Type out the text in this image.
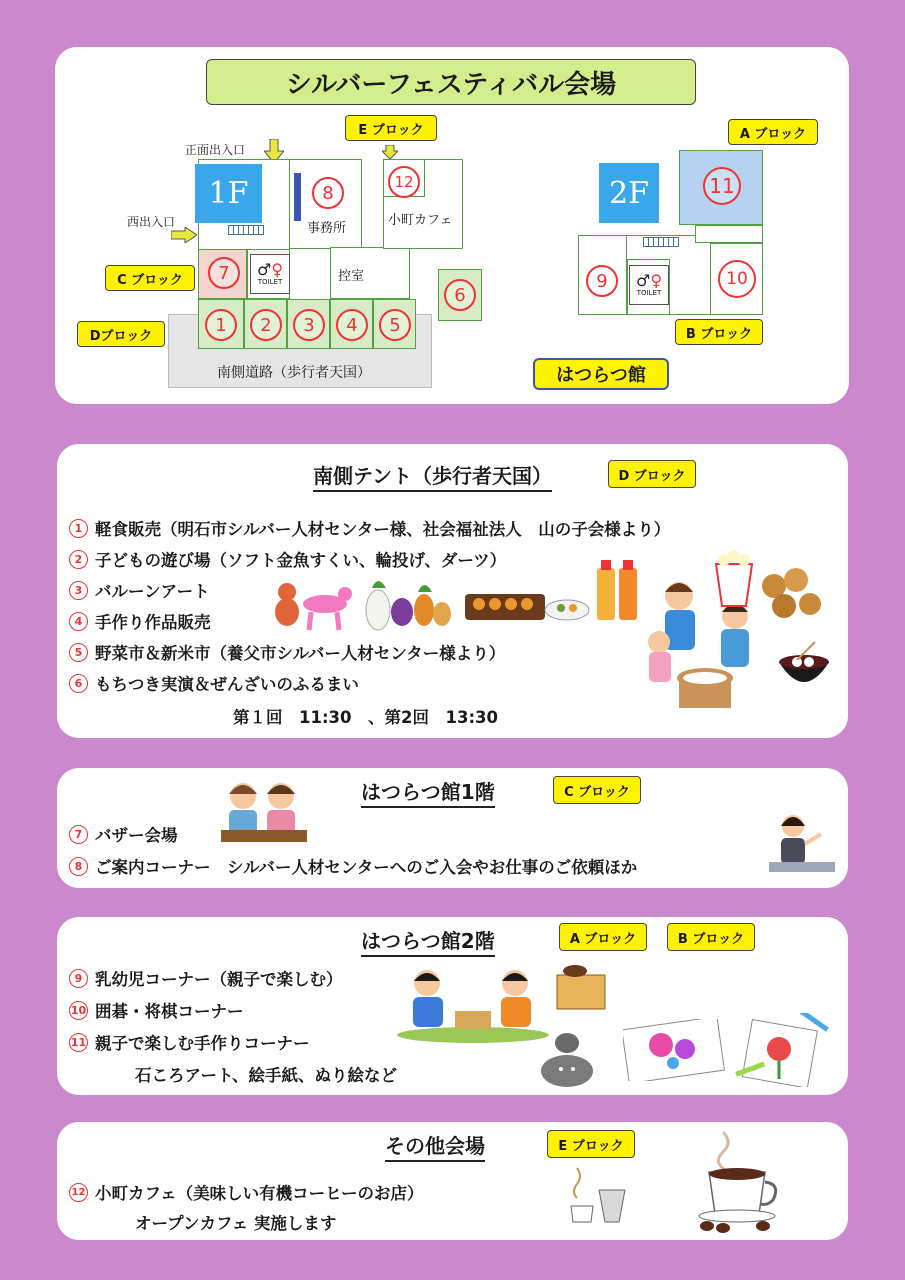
シルバーフェスティバル会場
E ブロック	A ブロック
C ブロック
Dブロック	B ブロック
正面出入口
西出入口
1F	8
事務所
控室
7	♂♀
TOILET
南側道路（歩行者天国）
1	2	3	4	5
6
12
小町カフェ
2F	11
9	♂♀
TOILET
10
はつらつ館
南側テント（歩行者天国）	D ブロック
1 軽食販売（明石市シルバー人材センター様、社会福祉法人　山の子会様より）
2 子どもの遊び場（ソフト金魚すくい、輪投げ、ダーツ）
3 バルーンアート
4 手作り作品販売
5 野菜市＆新米市（養父市シルバー人材センター様より）
6 もちつき実演＆ぜんざいのふるまい
第１回　11:30　、第2回　13:30
はつらつ館1階	C ブロック
7 バザー会場
8 ご案内コーナー　シルバー人材センターへのご入会やお仕事のご依頼ほか
はつらつ館2階	A ブロック	B ブロック
9 乳幼児コーナー（親子で楽しむ）
10 囲碁・将棋コーナー
11 親子で楽しむ手作りコーナー
石ころアート、絵手紙、ぬり絵など
その他会場	E ブロック
12 小町カフェ（美味しい有機コーヒーのお店）
オープンカフェ 実施します
